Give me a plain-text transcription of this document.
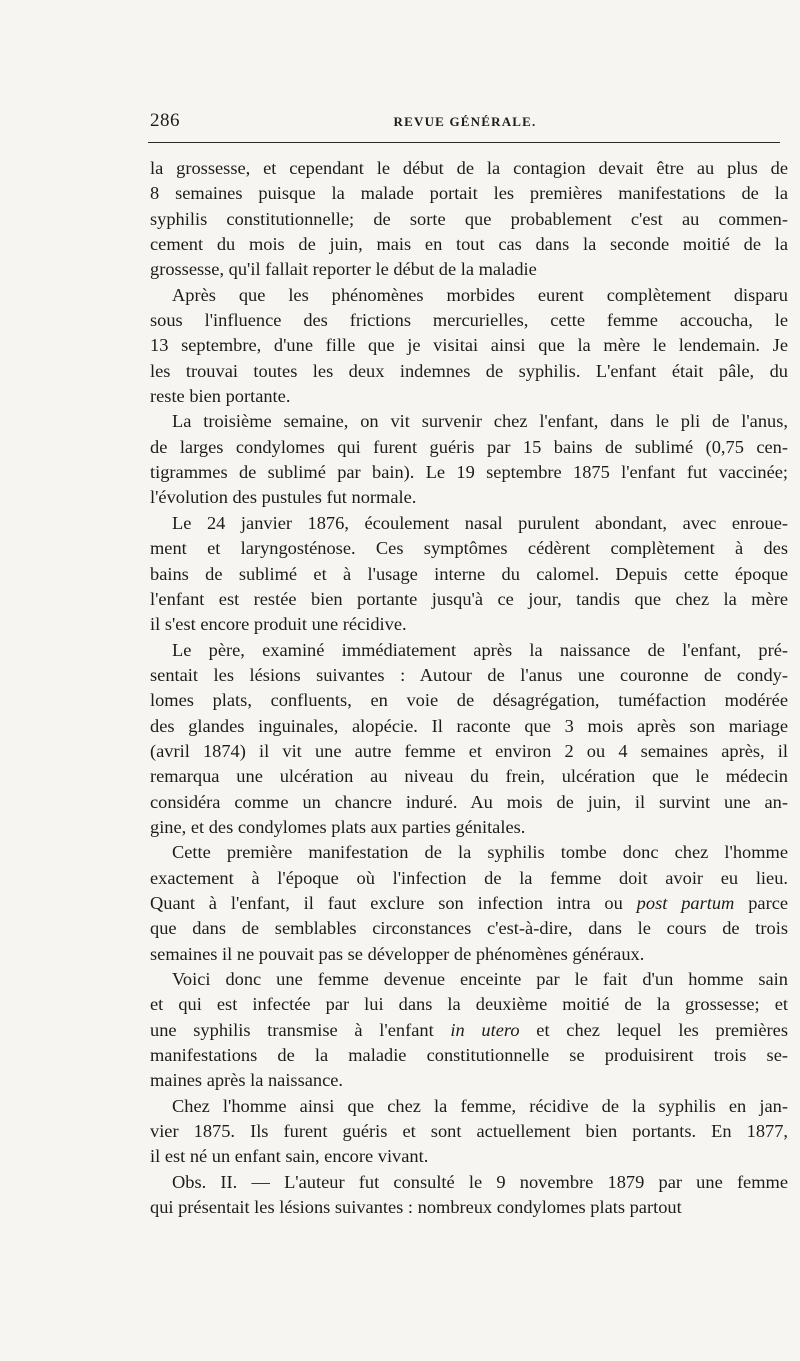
286	REVUE GÉNÉRALE.
la grossesse, et cependant le début de la contagion devait être au plus de
8 semaines puisque la malade portait les premières manifestations de la
syphilis constitutionnelle; de sorte que probablement c'est au commen-
cement du mois de juin, mais en tout cas dans la seconde moitié de la
grossesse, qu'il fallait reporter le début de la maladie
Après que les phénomènes morbides eurent complètement disparu
sous l'influence des frictions mercurielles, cette femme accoucha, le
13 septembre, d'une fille que je visitai ainsi que la mère le lendemain. Je
les trouvai toutes les deux indemnes de syphilis. L'enfant était pâle, du
reste bien portante.
La troisième semaine, on vit survenir chez l'enfant, dans le pli de l'anus,
de larges condylomes qui furent guéris par 15 bains de sublimé (0,75 cen-
tigrammes de sublimé par bain). Le 19 septembre 1875 l'enfant fut vaccinée;
l'évolution des pustules fut normale.
Le 24 janvier 1876, écoulement nasal purulent abondant, avec enroue-
ment et laryngosténose. Ces symptômes cédèrent complètement à des
bains de sublimé et à l'usage interne du calomel. Depuis cette époque
l'enfant est restée bien portante jusqu'à ce jour, tandis que chez la mère
il s'est encore produit une récidive.
Le père, examiné immédiatement après la naissance de l'enfant, pré-
sentait les lésions suivantes : Autour de l'anus une couronne de condy-
lomes plats, confluents, en voie de désagrégation, tuméfaction modérée
des glandes inguinales, alopécie. Il raconte que 3 mois après son mariage
(avril 1874) il vit une autre femme et environ 2 ou 4 semaines après, il
remarqua une ulcération au niveau du frein, ulcération que le médecin
considéra comme un chancre induré. Au mois de juin, il survint une an-
gine, et des condylomes plats aux parties génitales.
Cette première manifestation de la syphilis tombe donc chez l'homme
exactement à l'époque où l'infection de la femme doit avoir eu lieu.
Quant à l'enfant, il faut exclure son infection intra ou post partum parce
que dans de semblables circonstances c'est-à-dire, dans le cours de trois
semaines il ne pouvait pas se développer de phénomènes généraux.
Voici donc une femme devenue enceinte par le fait d'un homme sain
et qui est infectée par lui dans la deuxième moitié de la grossesse; et
une syphilis transmise à l'enfant in utero et chez lequel les premières
manifestations de la maladie constitutionnelle se produisirent trois se-
maines après la naissance.
Chez l'homme ainsi que chez la femme, récidive de la syphilis en jan-
vier 1875. Ils furent guéris et sont actuellement bien portants. En 1877,
il est né un enfant sain, encore vivant.
Obs. II. — L'auteur fut consulté le 9 novembre 1879 par une femme
qui présentait les lésions suivantes : nombreux condylomes plats partout
